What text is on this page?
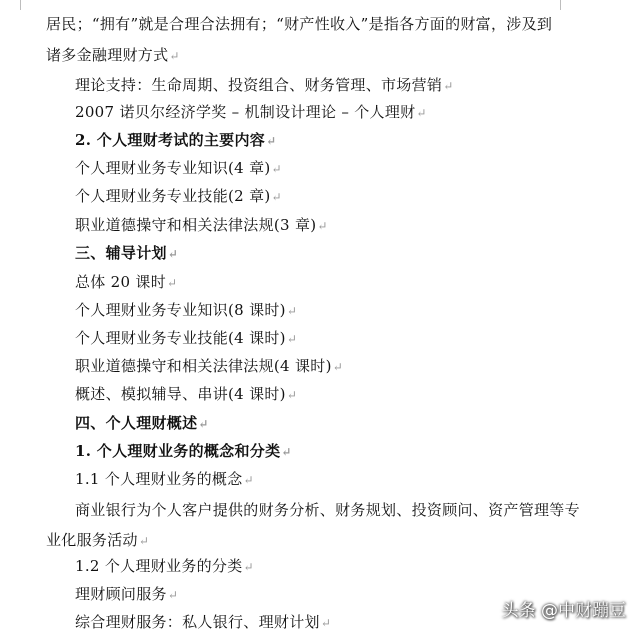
居民；“拥有”就是合理合法拥有；“财产性收入”是指各方面的财富，涉及到
诸多金融理财方式↵
理论支持：生命周期、投资组合、财务管理、市场营销↵
2007 诺贝尔经济学奖 – 机制设计理论 – 个人理财↵
2. 个人理财考试的主要内容↵
个人理财业务专业知识(4 章)↵
个人理财业务专业技能(2 章)↵
职业道德操守和相关法律法规(3 章)↵
三、辅导计划↵
总体 20 课时↵
个人理财业务专业知识(8 课时)↵
个人理财业务专业技能(4 课时)↵
职业道德操守和相关法律法规(4 课时)↵
概述、模拟辅导、串讲(4 课时)↵
四、个人理财概述↵
1. 个人理财业务的概念和分类↵
1.1 个人理财业务的概念↵
商业银行为个人客户提供的财务分析、财务规划、投资顾问、资产管理等专
业化服务活动↵
1.2 个人理财业务的分类↵
理财顾问服务↵
综合理财服务：私人银行、理财计划↵
头条 @中财蹦豆
